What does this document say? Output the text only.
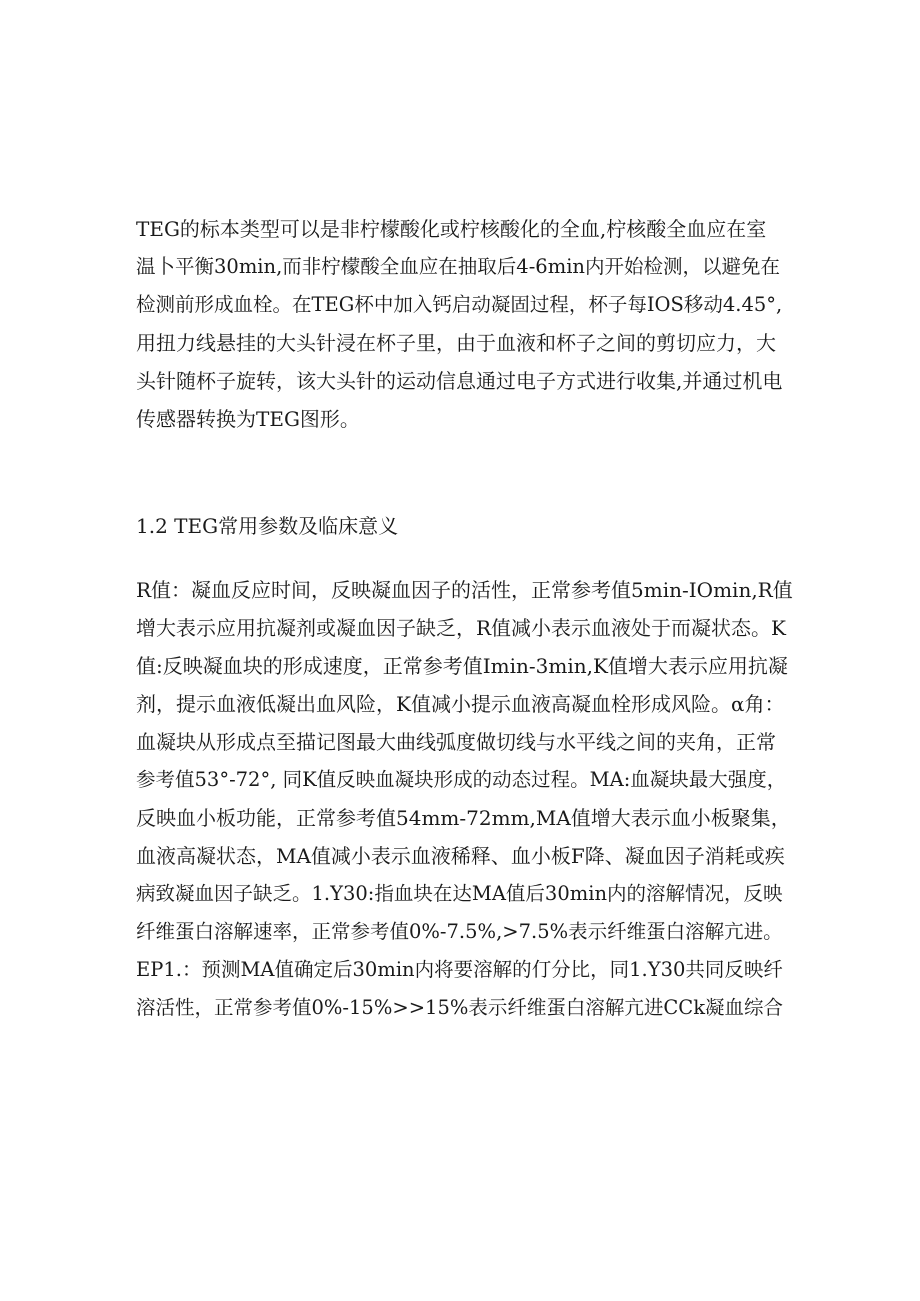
TEG的标本类型可以是非柠檬酸化或柠核酸化的全血,柠核酸全血应在室
温卜平衡30min,而非柠檬酸全血应在抽取后4-6min内开始检测，以避免在
检测前形成血栓。在TEG杯中加入钙启动凝固过程，杯子每IOS移动4.45°,
用扭力线悬挂的大头针浸在杯子里，由于血液和杯子之间的剪切应力，大
头针随杯子旋转，该大头针的运动信息通过电子方式进行收集,并通过机电
传感器转换为TEG图形。
1.2 TEG常用参数及临床意义
R值：凝血反应时间，反映凝血因子的活性，正常参考值5min-IOmin,R值
增大表示应用抗凝剂或凝血因子缺乏，R值减小表示血液处于而凝状态。K
值:反映凝血块的形成速度，正常参考值Imin-3min,K值增大表示应用抗凝
剂，提示血液低凝出血风险，K值减小提示血液高凝血栓形成风险。α角：
血凝块从形成点至描记图最大曲线弧度做切线与水平线之间的夹角，正常
参考值53°-72°, 同K值反映血凝块形成的动态过程。MA:血凝块最大强度，
反映血小板功能，正常参考值54mm-72mm,MA值增大表示血小板聚集，
血液高凝状态，MA值减小表示血液稀释、血小板F降、凝血因子消耗或疾
病致凝血因子缺乏。1.Y30:指血块在达MA值后30min内的溶解情况，反映
纤维蛋白溶解速率，正常参考值0%-7.5%,>7.5%表示纤维蛋白溶解亢进。
EP1.：预测MA值确定后30min内将要溶解的仃分比，同1.Y30共同反映纤
溶活性，正常参考值0%-15%>>15%表示纤维蛋白溶解亢进CCk凝血综合
